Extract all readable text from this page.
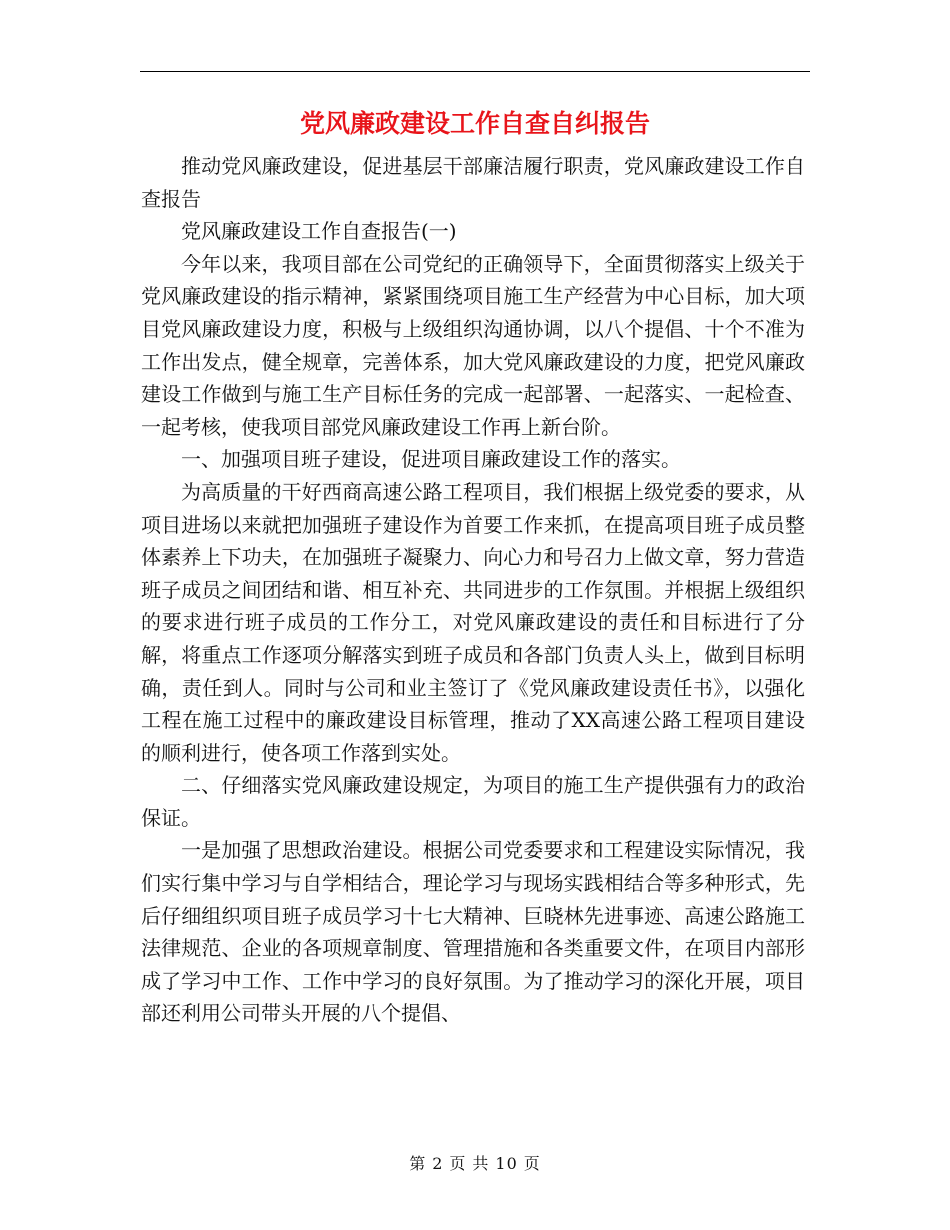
党风廉政建设工作自查自纠报告

推动党风廉政建设，促进基层干部廉洁履行职责，党风廉政建设工作自查报告

党风廉政建设工作自查报告(一)

今年以来，我项目部在公司党纪的正确领导下，全面贯彻落实上级关于党风廉政建设的指示精神，紧紧围绕项目施工生产经营为中心目标，加大项目党风廉政建设力度，积极与上级组织沟通协调，以八个提倡、十个不准为工作出发点，健全规章，完善体系，加大党风廉政建设的力度，把党风廉政建设工作做到与施工生产目标任务的完成一起部署、一起落实、一起检查、一起考核，使我项目部党风廉政建设工作再上新台阶。

一、加强项目班子建设，促进项目廉政建设工作的落实。

为高质量的干好西商高速公路工程项目，我们根据上级党委的要求，从项目进场以来就把加强班子建设作为首要工作来抓，在提高项目班子成员整体素养上下功夫，在加强班子凝聚力、向心力和号召力上做文章，努力营造班子成员之间团结和谐、相互补充、共同进步的工作氛围。并根据上级组织的要求进行班子成员的工作分工，对党风廉政建设的责任和目标进行了分解，将重点工作逐项分解落实到班子成员和各部门负责人头上，做到目标明确，责任到人。同时与公司和业主签订了《党风廉政建设责任书》，以强化工程在施工过程中的廉政建设目标管理，推动了XX高速公路工程项目建设的顺利进行，使各项工作落到实处。

二、仔细落实党风廉政建设规定，为项目的施工生产提供强有力的政治保证。

一是加强了思想政治建设。根据公司党委要求和工程建设实际情况，我们实行集中学习与自学相结合，理论学习与现场实践相结合等多种形式，先后仔细组织项目班子成员学习十七大精神、巨晓林先进事迹、高速公路施工法律规范、企业的各项规章制度、管理措施和各类重要文件，在项目内部形成了学习中工作、工作中学习的良好氛围。为了推动学习的深化开展，项目部还利用公司带头开展的八个提倡、

第 2 页 共 10 页
